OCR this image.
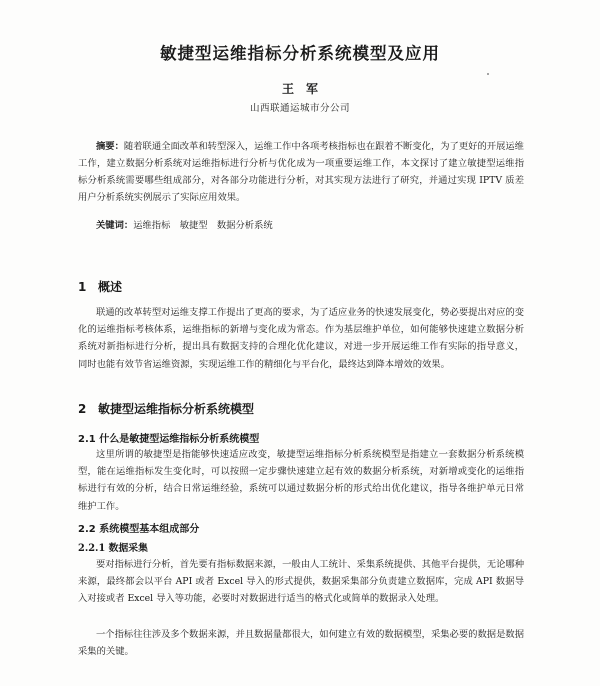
敏捷型运维指标分析系统模型及应用
王军
山西联通运城市分公司

摘要：随着联通全面改革和转型深入，运维工作中各项考核指标也在跟着不断变化，为了更好的开展运维工作，建立数据分析系统对运维指标进行分析与优化成为一项重要运维工作，本文探讨了建立敏捷型运维指标分析系统需要哪些组成部分，对各部分功能进行分析，对其实现方法进行了研究，并通过实现 IPTV 质差用户分析系统实例展示了实际应用效果。

关键词：运维指标　敏捷型　数据分析系统

1 概述

联通的改革转型对运维支撑工作提出了更高的要求，为了适应业务的快速发展变化，势必要提出对应的变化的运维指标考核体系，运维指标的新增与变化成为常态。作为基层维护单位，如何能够快速建立数据分析系统对新指标进行分析，提出具有数据支持的合理化优化建议，对进一步开展运维工作有实际的指导意义，同时也能有效节省运维资源，实现运维工作的精细化与平台化，最终达到降本增效的效果。

2 敏捷型运维指标分析系统模型
2.1 什么是敏捷型运维指标分析系统模型

这里所谓的敏捷型是指能够快速适应改变，敏捷型运维指标分析系统模型是指建立一套数据分析系统模型，能在运维指标发生变化时，可以按照一定步骤快速建立起有效的数据分析系统，对新增或变化的运维指标进行有效的分析，结合日常运维经验，系统可以通过数据分析的形式给出优化建议，指导各维护单元日常维护工作。

2.2 系统模型基本组成部分
2.2.1 数据采集

要对指标进行分析，首先要有指标数据来源，一般由人工统计、采集系统提供、其他平台提供，无论哪种来源，最终都会以平台 API 或者 Excel 导入的形式提供，数据采集部分负责建立数据库，完成 API 数据导入对接或者 Excel 导入等功能，必要时对数据进行适当的格式化或简单的数据录入处理。

一个指标往往涉及多个数据来源，并且数据量都很大，如何建立有效的数据模型，采集必要的数据是数据采集的关键。
